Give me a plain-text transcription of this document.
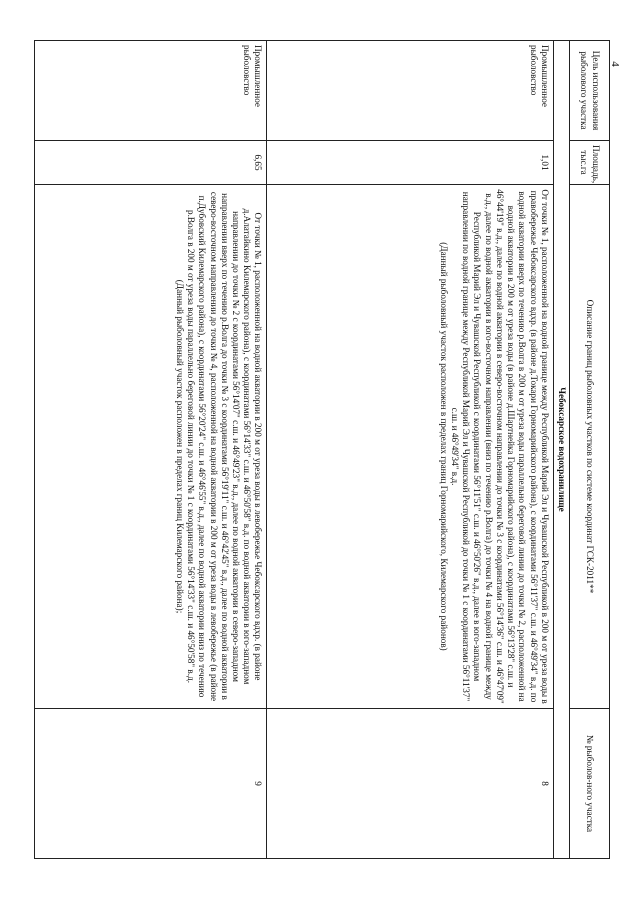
4
Цель использования рыболового участка	Площадь, тыс.га	Описание границ рыболовных участков по системе координат ГСК-2011**	№ рыболов-ного участка
Чебоксарское водохранилище			
Промышленное рыболовство	1,01	От точки № 1, расположенной на водной границе между Республикой Марий Эл и Чувашской Республикой в 200 м от уреза воды в правобережье Чебоксарского вдхр. (в районе д.Токари Горномарийского района), с координатами 56°11'37" с.ш. и 46°49'34" в.д. по водной акватории вверх по течению р.Волга в 200 м от уреза воды параллельно береговой линии до точки № 2, расположенной на водной акватории в 200 м от уреза воды (в районе д.Шартнейка Горномарийского района), с координатами 56°13'28" с.ш. и 46°44'19" в.д., далее по водной акватории в северо-восточном направлении до точки № 3 с координатами 56°14'36" с.ш. и 46°47'09" в.д., далее по водной акватории в юго-восточном направлении (вниз по течению р.Волга) до точки № 4 на водной границе между Республикой Марий Эл и Чувашской Республикой с координатами 56°11'51" с.ш. и 46°50'26" в.д., далее в юго-западном направлении по водной границе между Республикой Марий Эл и Чувашской Республикой до точки № 1 с координатами 56°11'37" с.ш. и 46°49'34" в.д.

(Данный рыболовный участок расположен в пределах границ Горномарийского, Килемарского районов)	8
Промышленное рыболовство	6,65	От точки № 1, расположенной на водной акватории в 200 м от уреза воды в левобережье Чебоксарского вдхр. (в районе д.Алатайкино Килемарского района), с координатами 56°14'33" с.ш. и 46°50'58" в.д. по водной акватории в юго-западном направлении до точки № 2 с координатами 56°14'07" с.ш. и 46°49'23" в.д., далее по водной акватории в северо-западном направлении вверх по течению р.Волга до точки № 3 с координатами 56°19'11" с.ш. и 46°42'45" в.д., далее по водной акватории в северо-восточном направлении до точки № 4, расположенной на водной акватории в 200 м от уреза воды в левобережье (в районе п.Дубовский Килемарского района), с координатами 56°20'24" с.ш. и 46°46'55" в.д., далее по водной акватории вниз по течению р.Волга в 200 м от уреза воды параллельно береговой линии до точки № 1 с координатами 56°14'33" с.ш. и 46°50'58" в.д.

(Данный рыболовный участок расположен в пределах границ Килемарского района);	9
